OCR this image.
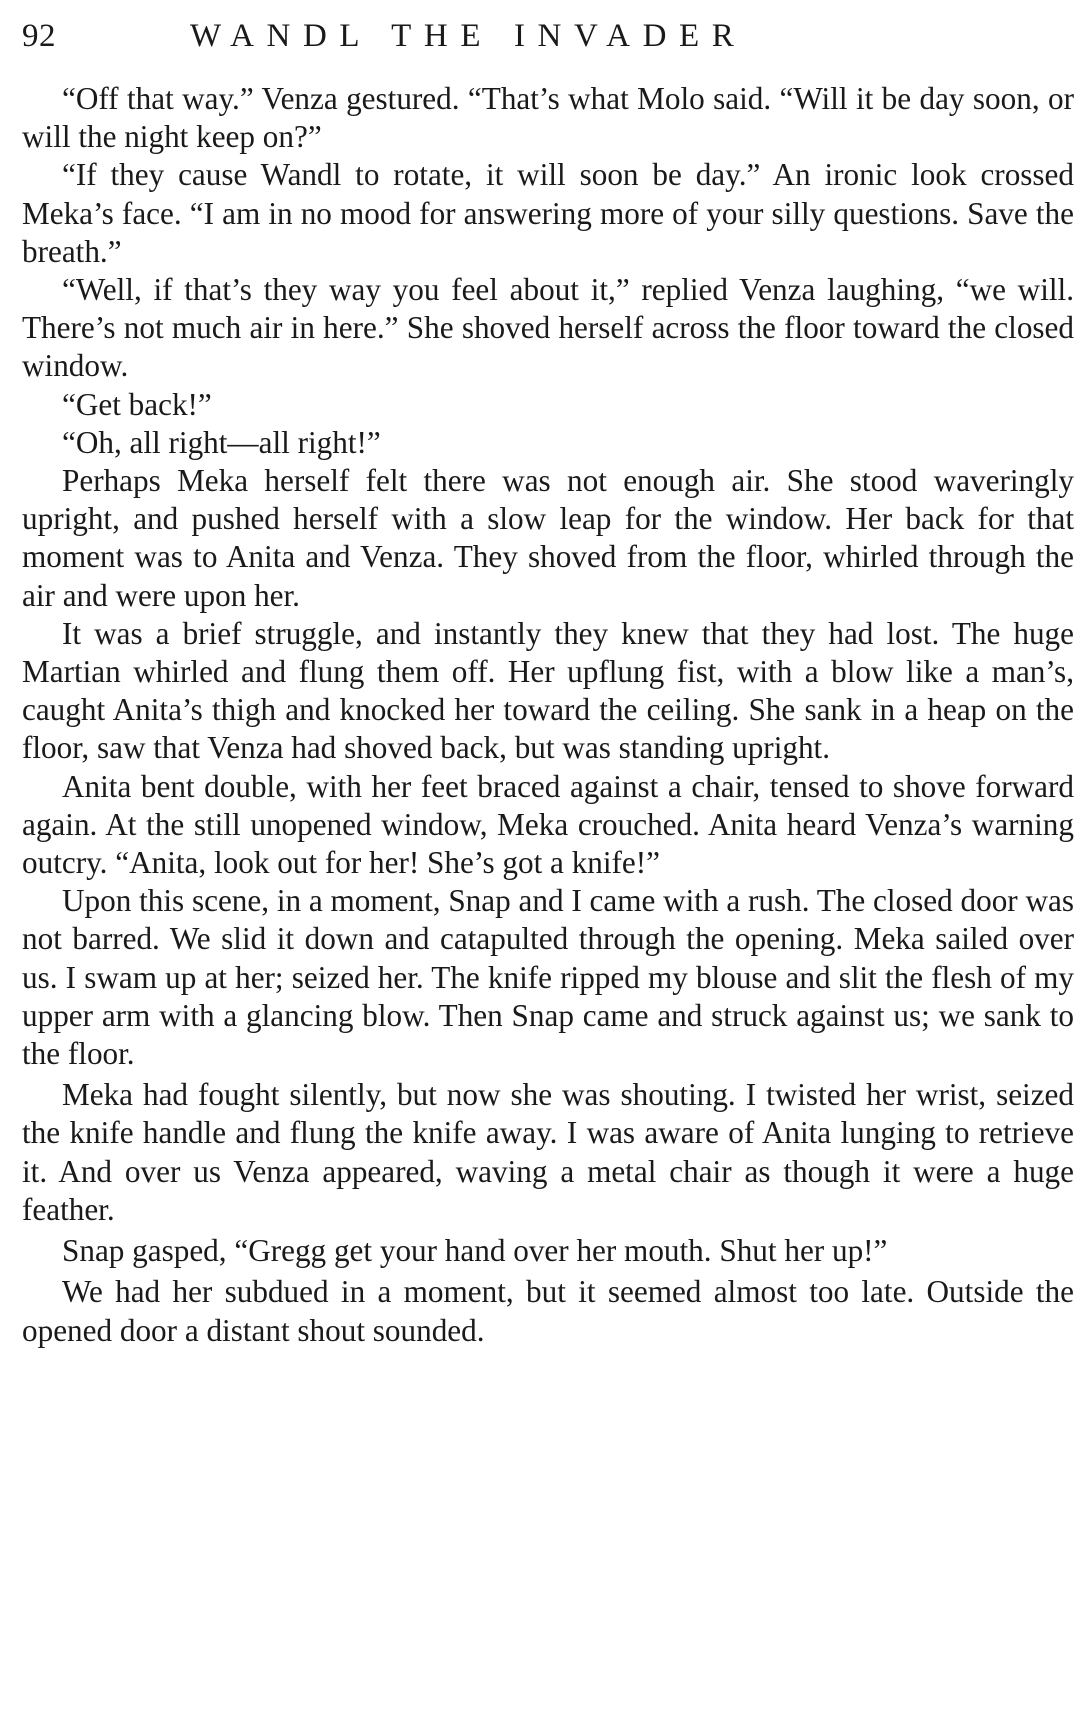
92	WANDL THE INVADER

“Off that way.” Venza gestured. “That’s what Molo said. “Will it be day soon, or will the night keep on?”

“If they cause Wandl to rotate, it will soon be day.” An ironic look crossed Meka’s face. “I am in no mood for answering more of your silly questions. Save the breath.”

“Well, if that’s they way you feel about it,” replied Venza laughing, “we will. There’s not much air in here.” She shoved herself across the floor toward the closed window.

“Get back!”

“Oh, all right—all right!”

Perhaps Meka herself felt there was not enough air. She stood waveringly upright, and pushed herself with a slow leap for the window. Her back for that moment was to Anita and Venza. They shoved from the floor, whirled through the air and were upon her.

It was a brief struggle, and instantly they knew that they had lost. The huge Martian whirled and flung them off. Her upflung fist, with a blow like a man’s, caught Anita’s thigh and knocked her toward the ceiling. She sank in a heap on the floor, saw that Venza had shoved back, but was standing upright.

Anita bent double, with her feet braced against a chair, tensed to shove forward again. At the still unopened window, Meka crouched. Anita heard Venza’s warning outcry. “Anita, look out for her! She’s got a knife!”

Upon this scene, in a moment, Snap and I came with a rush. The closed door was not barred. We slid it down and catapulted through the opening. Meka sailed over us. I swam up at her; seized her. The knife ripped my blouse and slit the flesh of my upper arm with a glancing blow. Then Snap came and struck against us; we sank to the floor.

Meka had fought silently, but now she was shouting. I twisted her wrist, seized the knife handle and flung the knife away. I was aware of Anita lunging to retrieve it. And over us Venza appeared, waving a metal chair as though it were a huge feather.

Snap gasped, “Gregg get your hand over her mouth. Shut her up!”

We had her subdued in a moment, but it seemed almost too late. Outside the opened door a distant shout sounded.
